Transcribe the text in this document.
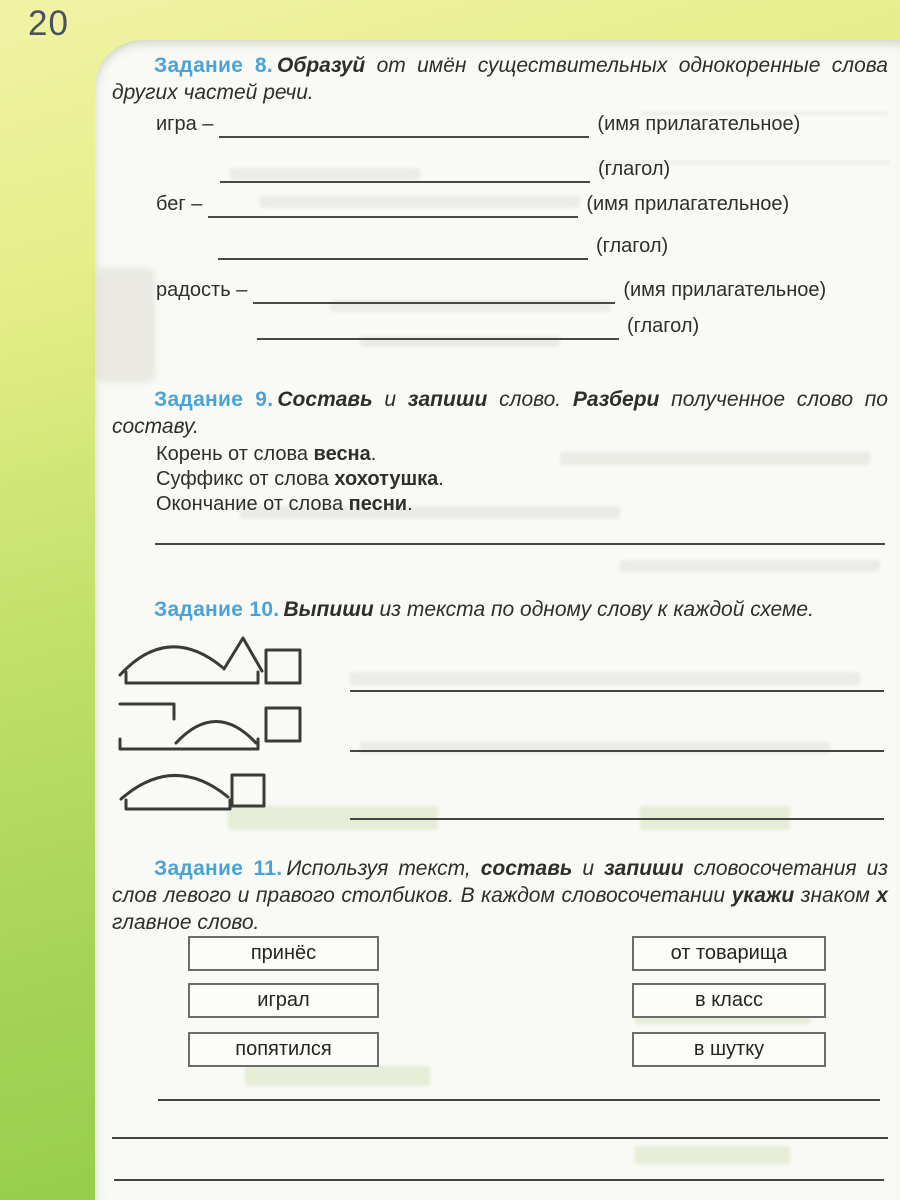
20

Задание 8. Образуй от имён существительных однокоренные слова других частей речи.

игра –	(имя прилагательное)
(глагол)
бег –	(имя прилагательное)
(глагол)
радость –	(имя прилагательное)
(глагол)

Задание 9. Составь и запиши слово. Разбери полученное слово по составу.

Корень от слова весна.
Суффикс от слова хохотушка.
Окончание от слова песни.

Задание 10. Выпиши из текста по одному слову к каждой схеме.

Задание 11. Используя текст, составь и запиши словосочетания из слов левого и правого столбиков. В каждом словосочетании укажи знаком х главное слово.

принёс
играл
попятился
от товарища
в класс
в шутку
